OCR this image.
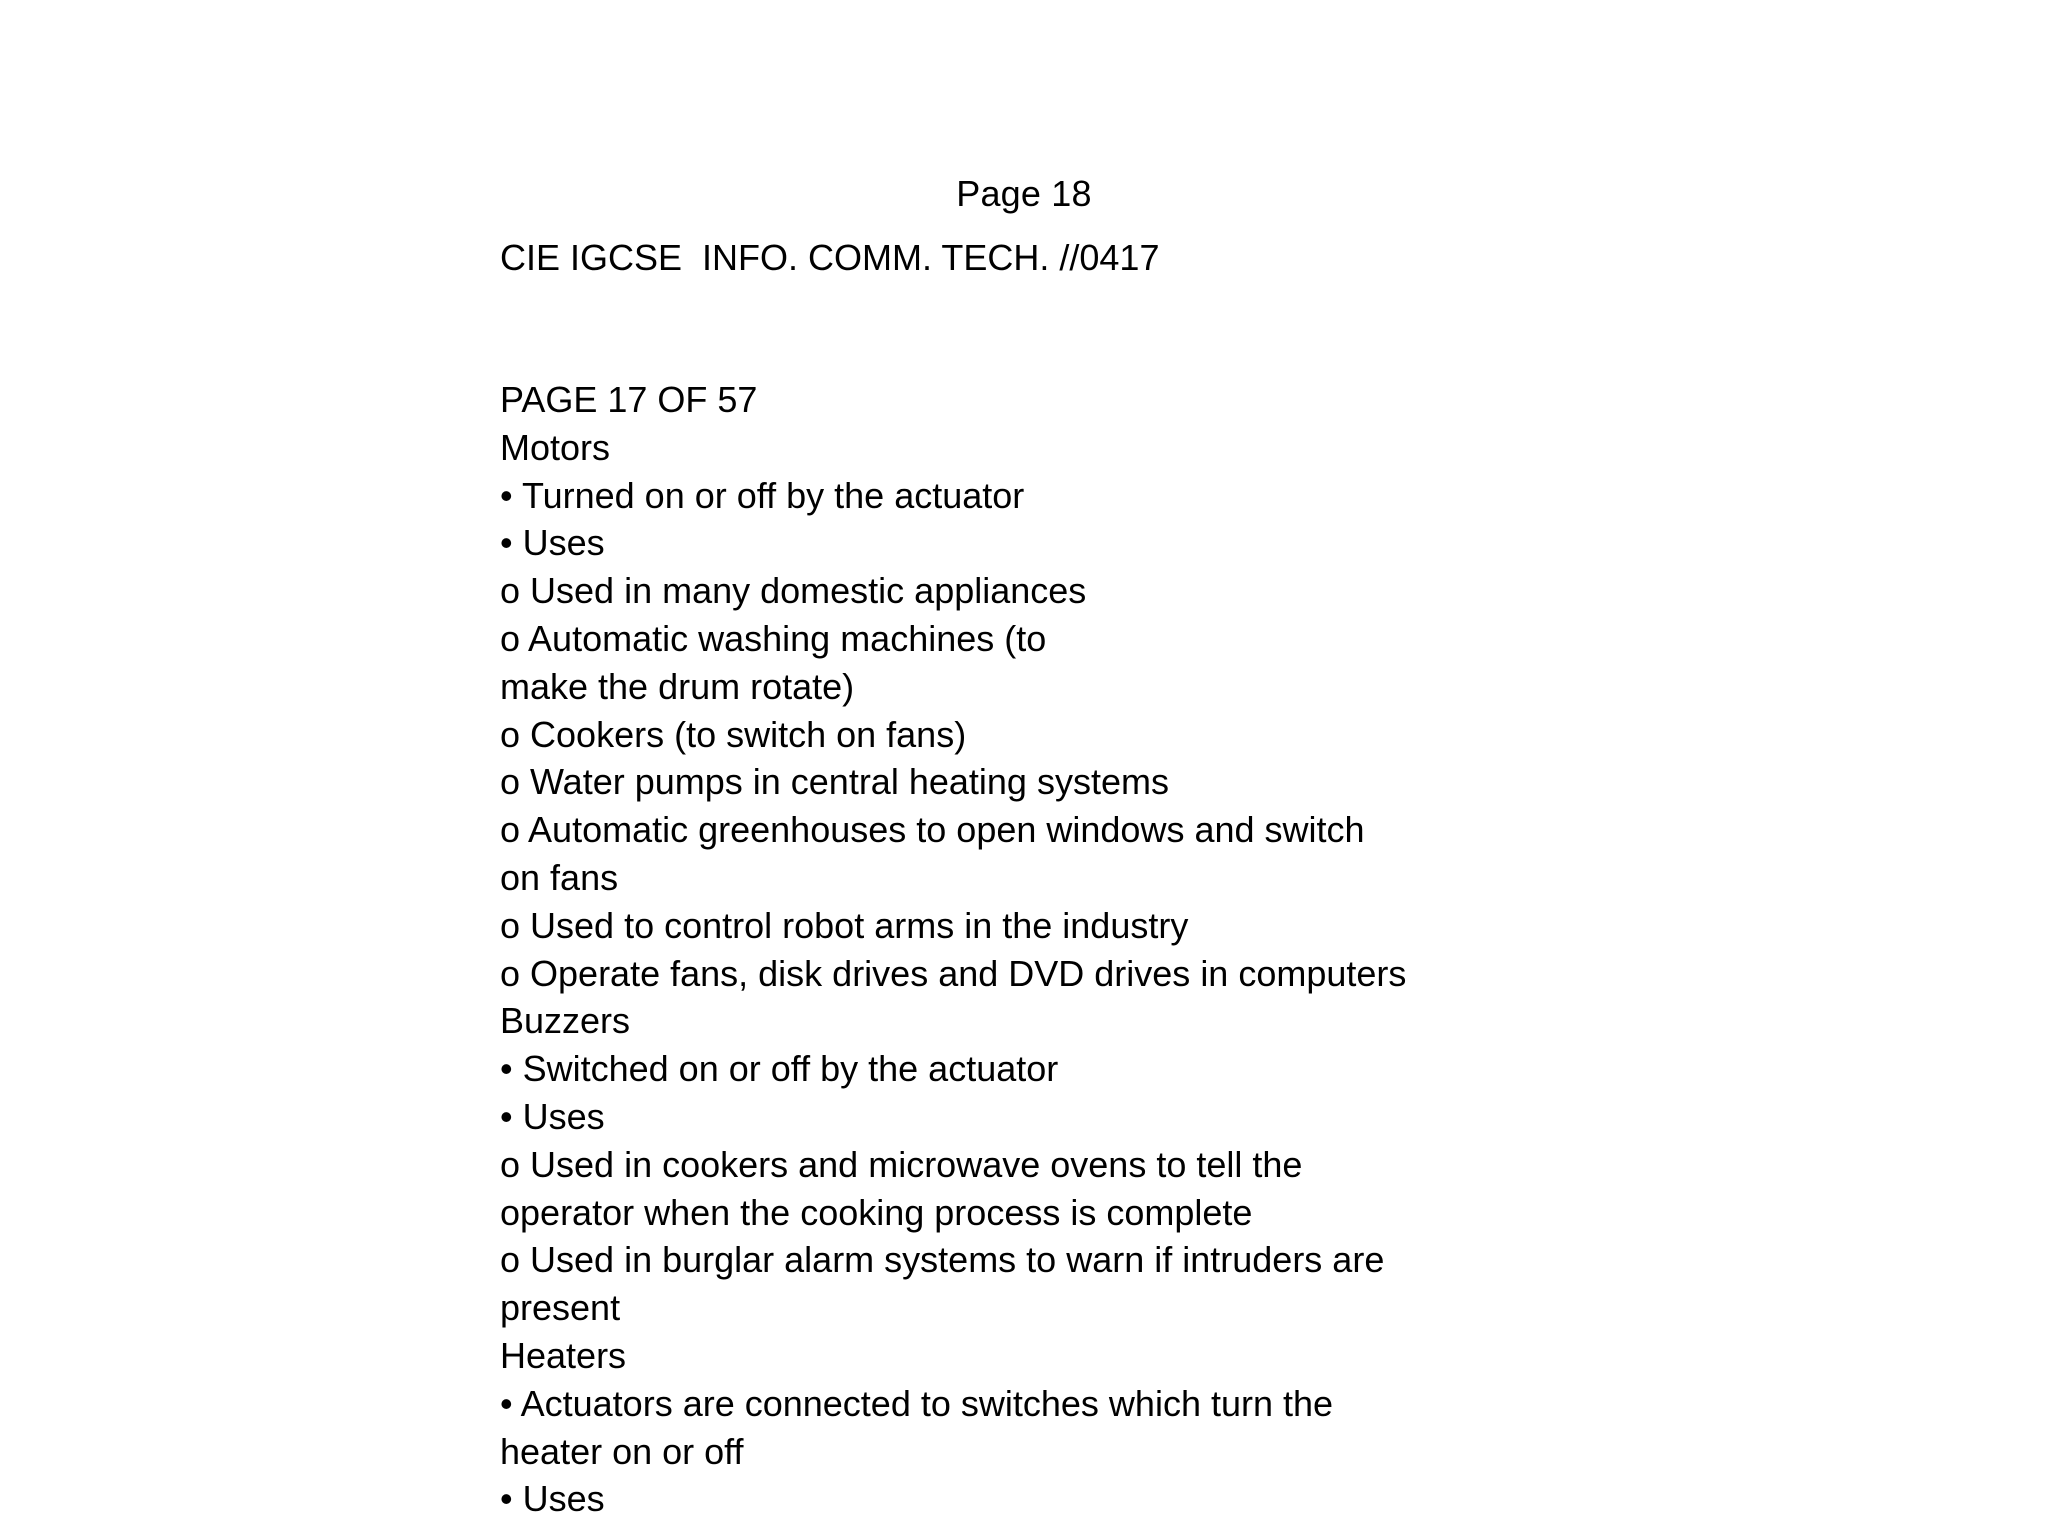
Page 18
CIE IGCSE  INFO. COMM. TECH. //0417
PAGE 17 OF 57
Motors
• Turned on or off by the actuator
• Uses
o Used in many domestic appliances
o Automatic washing machines (to
make the drum rotate)
o Cookers (to switch on fans)
o Water pumps in central heating systems
o Automatic greenhouses to open windows and switch
on fans
o Used to control robot arms in the industry
o Operate fans, disk drives and DVD drives in computers
Buzzers
• Switched on or off by the actuator
• Uses
o Used in cookers and microwave ovens to tell the
operator when the cooking process is complete
o Used in burglar alarm systems to warn if intruders are
present
Heaters
• Actuators are connected to switches which turn the
heater on or off
• Uses
